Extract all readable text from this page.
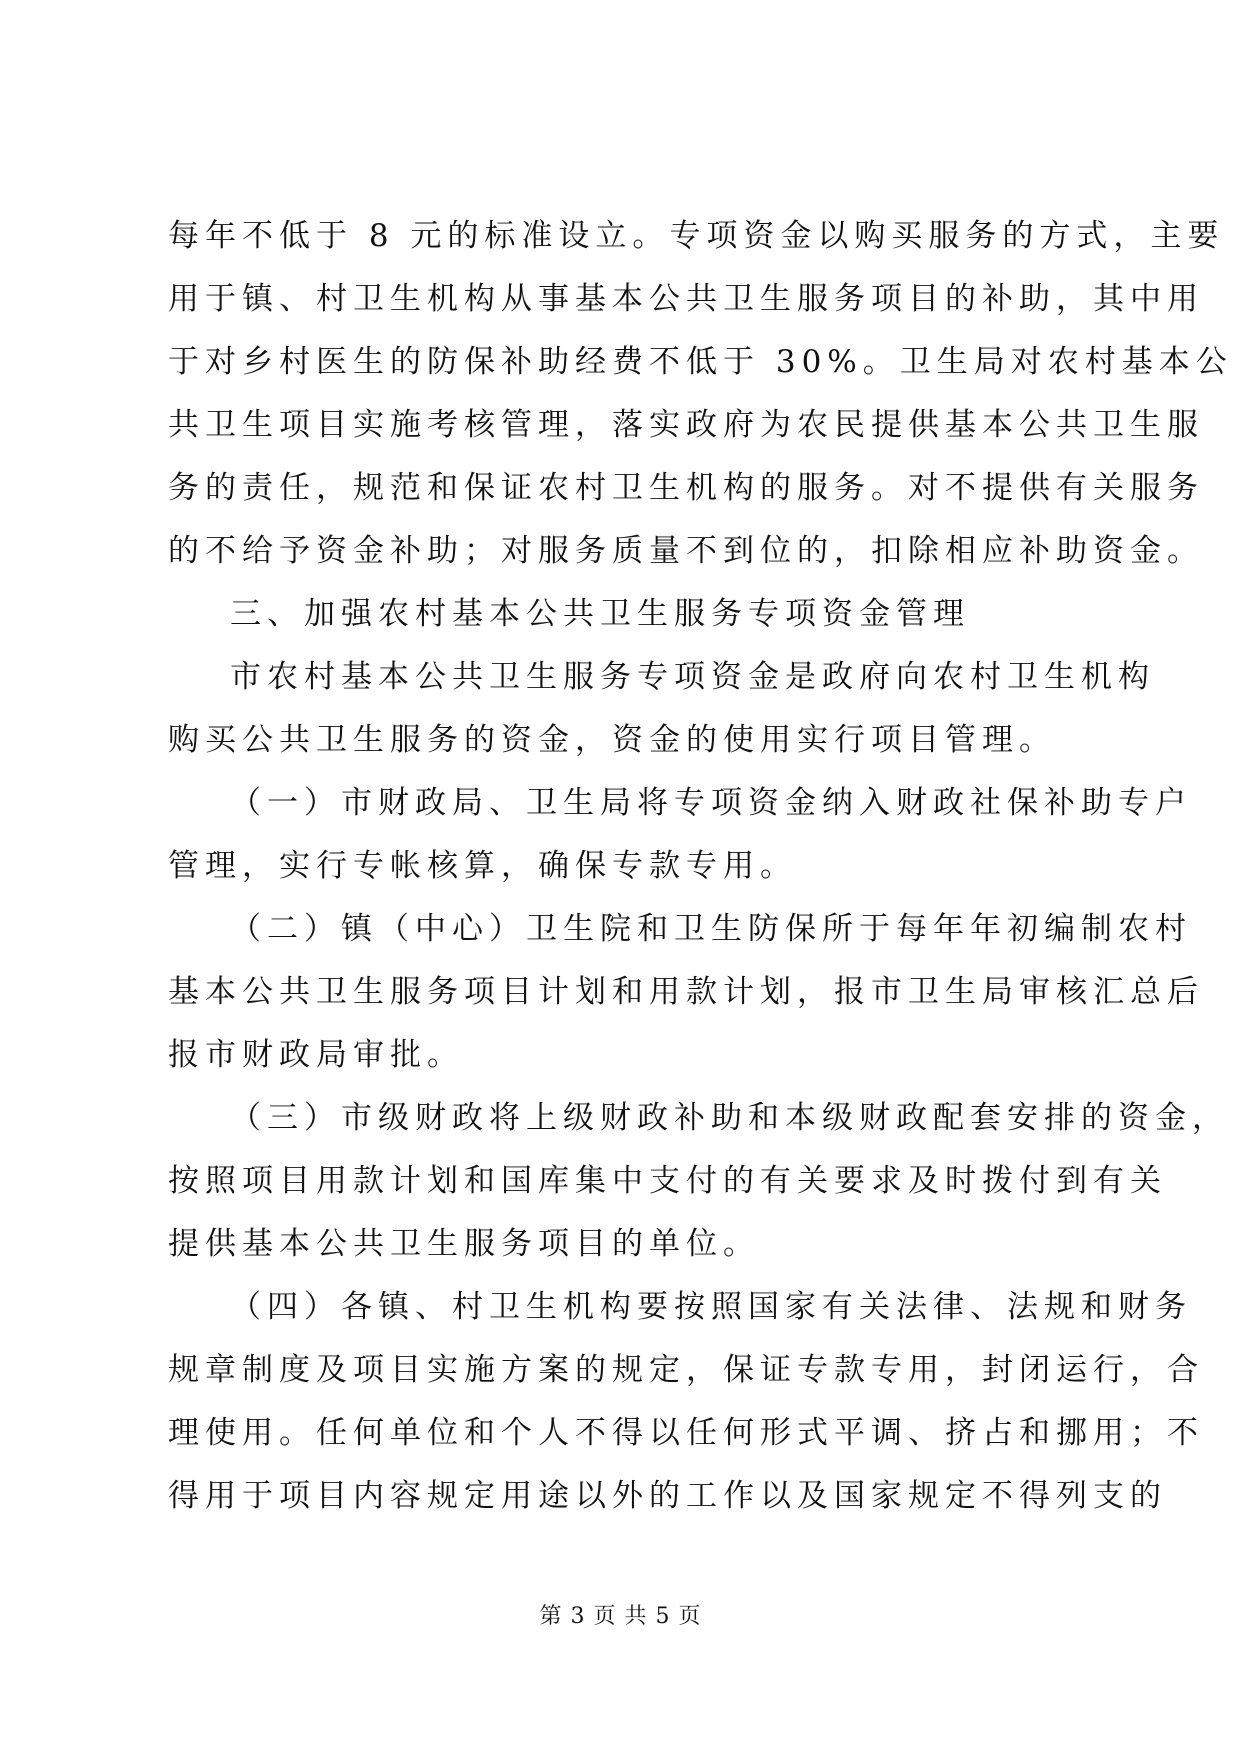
每年不低于 8 元的标准设立。专项资金以购买服务的方式，主要
用于镇、村卫生机构从事基本公共卫生服务项目的补助，其中用
于对乡村医生的防保补助经费不低于 30%。卫生局对农村基本公
共卫生项目实施考核管理，落实政府为农民提供基本公共卫生服
务的责任，规范和保证农村卫生机构的服务。对不提供有关服务
的不给予资金补助；对服务质量不到位的，扣除相应补助资金。
三、加强农村基本公共卫生服务专项资金管理
市农村基本公共卫生服务专项资金是政府向农村卫生机构
购买公共卫生服务的资金，资金的使用实行项目管理。
（一）市财政局、卫生局将专项资金纳入财政社保补助专户
管理，实行专帐核算，确保专款专用。
（二）镇（中心）卫生院和卫生防保所于每年年初编制农村
基本公共卫生服务项目计划和用款计划，报市卫生局审核汇总后
报市财政局审批。
（三）市级财政将上级财政补助和本级财政配套安排的资金，
按照项目用款计划和国库集中支付的有关要求及时拨付到有关
提供基本公共卫生服务项目的单位。
（四）各镇、村卫生机构要按照国家有关法律、法规和财务
规章制度及项目实施方案的规定，保证专款专用，封闭运行，合
理使用。任何单位和个人不得以任何形式平调、挤占和挪用；不
得用于项目内容规定用途以外的工作以及国家规定不得列支的
第 3 页 共 5 页
